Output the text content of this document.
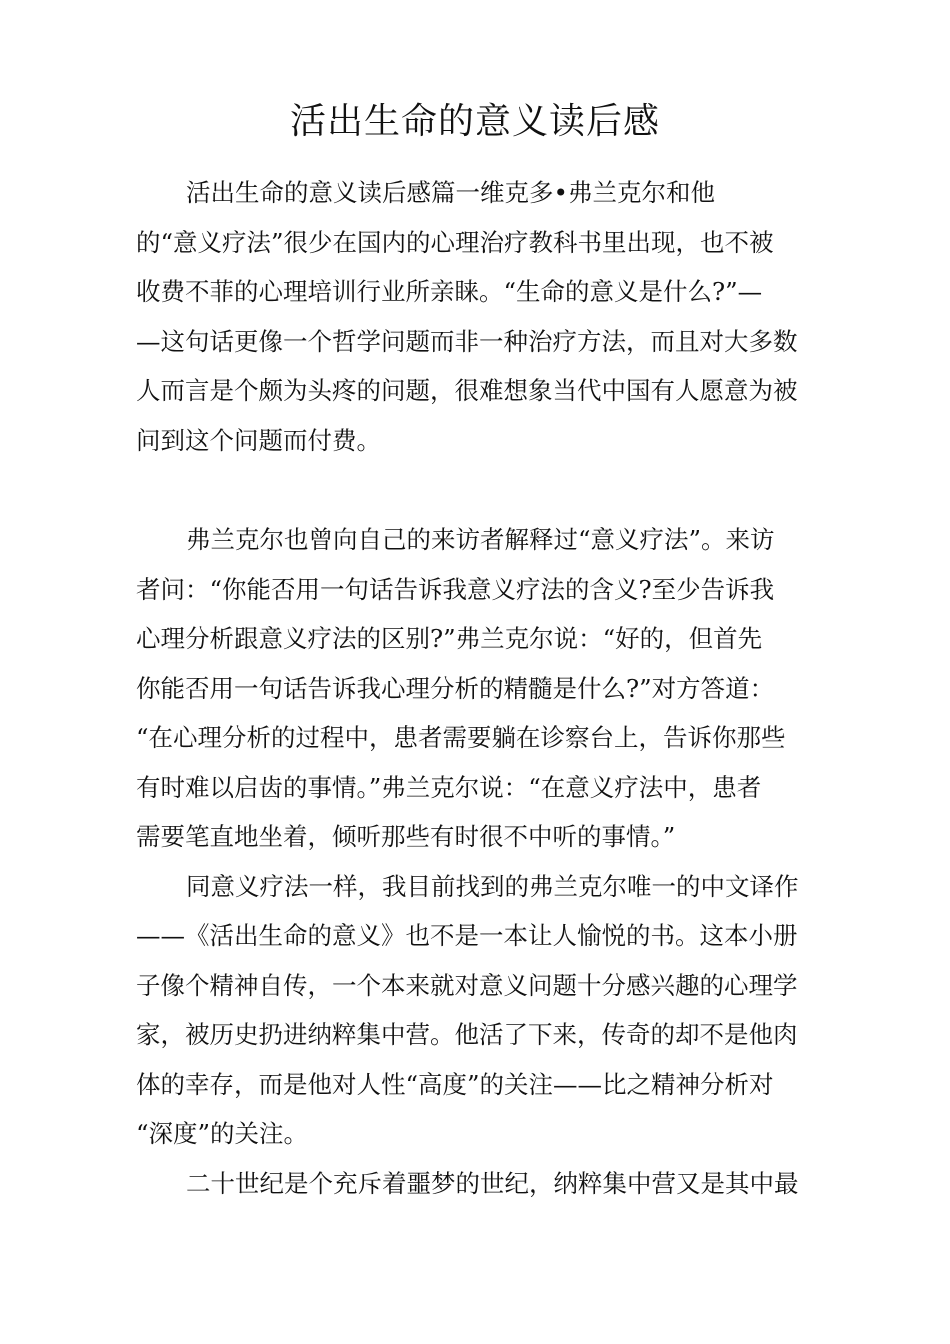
活出生命的意义读后感

活出生命的意义读后感篇一维克多•弗兰克尔和他

的“意义疗法”很少在国内的心理治疗教科书里出现，也不被

收费不菲的心理培训行业所亲睐。“生命的意义是什么?”—

—这句话更像一个哲学问题而非一种治疗方法，而且对大多数

人而言是个颇为头疼的问题，很难想象当代中国有人愿意为被

问到这个问题而付费。

弗兰克尔也曾向自己的来访者解释过“意义疗法”。来访

者问：“你能否用一句话告诉我意义疗法的含义?至少告诉我

心理分析跟意义疗法的区别?”弗兰克尔说：“好的，但首先

你能否用一句话告诉我心理分析的精髓是什么?”对方答道：

“在心理分析的过程中，患者需要躺在诊察台上，告诉你那些

有时难以启齿的事情。”弗兰克尔说：“在意义疗法中，患者

需要笔直地坐着，倾听那些有时很不中听的事情。”

同意义疗法一样，我目前找到的弗兰克尔唯一的中文译作

——《活出生命的意义》也不是一本让人愉悦的书。这本小册

子像个精神自传，一个本来就对意义问题十分感兴趣的心理学

家，被历史扔进纳粹集中营。他活了下来，传奇的却不是他肉

体的幸存，而是他对人性“高度”的关注——比之精神分析对

“深度”的关注。

二十世纪是个充斥着噩梦的世纪，纳粹集中营又是其中最
